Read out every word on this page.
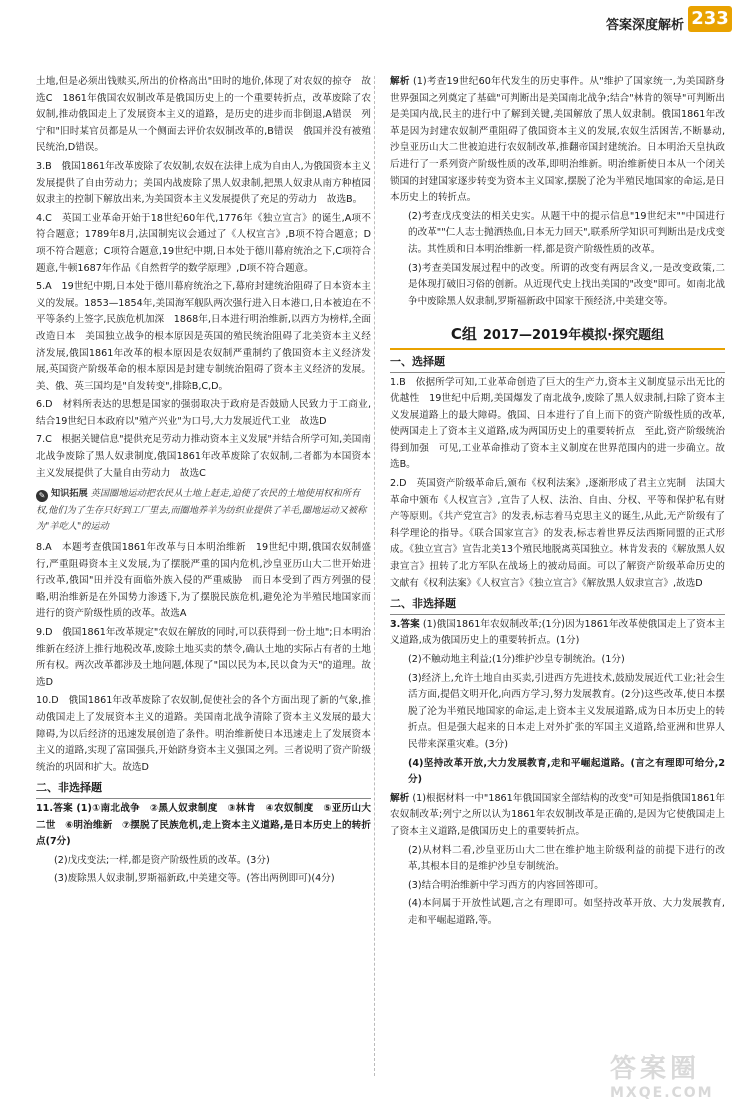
答案深度解析 233

土地,但是必须出钱赎买,所出的价格高出"田时的地价,体现了对农奴的掠夺　故选C　1861年俄国农奴制改革是俄国历史上的一个重要转折点，改革废除了农奴制,推动俄国走上了发展资本主义的道路，是历史的进步而非倒退,A错误　列宁和"旧时某官员都是从一个侧面去评价农奴制改革的,B错误　俄国并没有被殖民统治,D错误。

3.B　俄国1861年改革废除了农奴制,农奴在法律上成为自由人,为俄国资本主义发展提供了自由劳动力；美国内战废除了黑人奴隶制,把黑人奴隶从南方种植园奴隶主的控制下解放出来,为美国资本主义发展提供了充足的劳动力　故选B。

4.C　英国工业革命开始于18世纪60年代,1776年《独立宣言》的诞生,A项不符合题意；1789年8月,法国制宪议会通过了《人权宣言》,B项不符合题意；D项不符合题意；C项符合题意,19世纪中期,日本处于德川幕府统治之下,C项符合题意,牛顿1687年作品《自然哲学的数学原理》,D项不符合题意。

5.A　19世纪中期,日本处于德川幕府统治之下,幕府封建统治阻碍了日本资本主义的发展。1853—1854年,美国海军舰队两次强行进入日本港口,日本被迫在不平等条约上签字,民族危机加深　1868年,日本进行明治维新,以西方为榜样,全面改造日本　美国独立战争的根本原因是英国的殖民统治阻碍了北美资本主义经济发展,俄国1861年改革的根本原因是农奴制严重制约了俄国资本主义经济发展,英国资产阶级革命的根本原因是封建专制统治阻碍了资本主义经济的发展。美、俄、英三国均是"自发转变",排除B,C,D。

6.D　材料所表达的思想是国家的强弱取决于政府是否鼓励人民致力于工商业,结合19世纪日本政府以"殖产兴业"为口号,大力发展近代工业　故选D

7.C　根据关键信息"提供充足劳动力推动资本主义发展"并结合所学可知,美国南北战争废除了黑人奴隶制度,俄国1861年改革废除了农奴制,二者都为本国资本主义发展提供了大量自由劳动力　故选C

✎ 知识拓展 英国圈地运动把农民从土地上赶走,迫使了农民的土地使用权和所有权,他们为了生存只好到工厂里去,而圈地养羊为纺织业提供了羊毛,圈地运动又被称为"羊吃人"的运动

8.A　本题考查俄国1861年改革与日本明治维新　19世纪中期,俄国农奴制盛行,严重阻碍资本主义发展,为了摆脱严重的国内危机,沙皇亚历山大二世开始进行改革,俄国"田并没有面临外族入侵的严重威胁　而日本受到了西方列强的侵略,明治维新是在外国势力渗透下,为了摆脱民族危机,避免沦为半殖民地国家而进行的资产阶级性质的改革。故选A

9.D　俄国1861年改革规定"农奴在解放的同时,可以获得到一份土地";日本明治维新在经济上推行地税改革,废除土地买卖的禁令,确认土地的实际占有者的土地所有权。两次改革都涉及土地问题,体现了"国以民为本,民以食为天"的道理。故选D

10.D　俄国1861年改革废除了农奴制,促使社会的各个方面出现了新的气象,推动俄国走上了发展资本主义的道路。美国南北战争清除了资本主义发展的最大障碍,为以后经济的迅速发展创造了条件。明治维新使日本迅速走上了发展资本主义的道路,实现了富国强兵,开始跻身资本主义强国之列。三者说明了资产阶级统治的巩固和扩大。故选D

二、非选择题

11.答案 (1)①南北战争　②黑人奴隶制度　③林肯　④农奴制度　⑤亚历山大二世　⑥明治维新　⑦摆脱了民族危机,走上资本主义道路,是日本历史上的转折点(7分)

(2)戊戌变法;一样,都是资产阶级性质的改革。(3分)

(3)废除黑人奴隶制,罗斯福新政,中美建交等。(答出两例即可)(4分)

解析 (1)考查19世纪60年代发生的历史事件。从"维护了国家统一,为美国跻身世界强国之列奠定了基础"可判断出是美国南北战争;结合"林肯的领导"可判断出是美国内战,民主的进行中了解到关键,美国解放了黑人奴隶制。俄国1861年改革是因为封建农奴制严重阻碍了俄国资本主义的发展,农奴生活困苦,不断暴动,沙皇亚历山大二世被迫进行农奴制改革,推翻帝国封建统治。日本明治天皇执政后进行了一系列资产阶级性质的改革,即明治维新。明治维新使日本从一个闭关锁国的封建国家逐步转变为资本主义国家,摆脱了沦为半殖民地国家的命运,是日本历史上的转折点。

(2)考查戊戌变法的相关史实。从题干中的提示信息"19世纪末""中国进行的改革""仁人志士抛洒热血,日本无力回天",联系所学知识可判断出是戊戌变法。其性质和日本明治维新一样,都是资产阶级性质的改革。

(3)考查美国发展过程中的改变。所谓的改变有两层含义,一是改变政策,二是体现打破旧习俗的创新。从近现代史上找出美国的"改变"即可。如南北战争中废除黑人奴隶制,罗斯福新政中国家干预经济,中美建交等。

C组 2017—2019年模拟·探究题组
一、选择题

1.B　依据所学可知,工业革命创造了巨大的生产力,资本主义制度显示出无比的优越性　19世纪中后期,美国爆发了南北战争,废除了黑人奴隶制,扫除了资本主义发展道路上的最大障碍。俄国、日本进行了自上而下的资产阶级性质的改革,使两国走上了资本主义道路,成为两国历史上的重要转折点　至此,资产阶级统治得到加强　可见,工业革命推动了资本主义制度在世界范围内的进一步确立。故选B。

2.D　英国资产阶级革命后,颁布《权利法案》,逐渐形成了君主立宪制　法国大革命中颁布《人权宣言》,宣告了人权、法治、自由、分权、平等和保护私有财产等原则。《共产党宣言》的发表,标志着马克思主义的诞生,从此,无产阶级有了科学理论的指导。《联合国家宣言》的发表,标志着世界反法西斯同盟的正式形成。《独立宣言》宣告北美13个殖民地脱离英国独立。林肯发表的《解放黑人奴隶宣言》扭转了北方军队在战场上的被动局面。可以了解资产阶级革命历史的文献有《权利法案》《人权宣言》《独立宣言》《解放黑人奴隶宣言》,故选D

二、非选择题

3.答案 (1)俄国1861年农奴制改革;(1分)因为1861年改革使俄国走上了资本主义道路,成为俄国历史上的重要转折点。(1分)

(2)不触动地主利益;(1分)维护沙皇专制统治。(1分)

(3)经济上,允许土地自由买卖,引进西方先进技术,鼓励发展近代工业;社会生活方面,提倡文明开化,向西方学习,努力发展教育。(2分)这些改革,使日本摆脱了沦为半殖民地国家的命运,走上资本主义发展道路,成为日本历史上的转折点。但是强大起来的日本走上对外扩张的军国主义道路,给亚洲和世界人民带来深重灾难。(3分)

(4)坚持改革开放,大力发展教育,走和平崛起道路。(言之有理即可给分,2分)

解析 (1)根据材料一中"1861年俄国国家全部结构的改变"可知是指俄国1861年农奴制改革;列宁之所以认为1861年农奴制改革是正确的,是因为它使俄国走上了资本主义道路,是俄国历史上的重要转折点。

(2)从材料二看,沙皇亚历山大二世在维护地主阶级利益的前提下进行的改革,其根本目的是维护沙皇专制统治。

(3)结合明治维新中学习西方的内容回答即可。

(4)本问属于开放性试题,言之有理即可。如坚持改革开放、大力发展教育,走和平崛起道路,等。

答案圈
MXQE.COM
